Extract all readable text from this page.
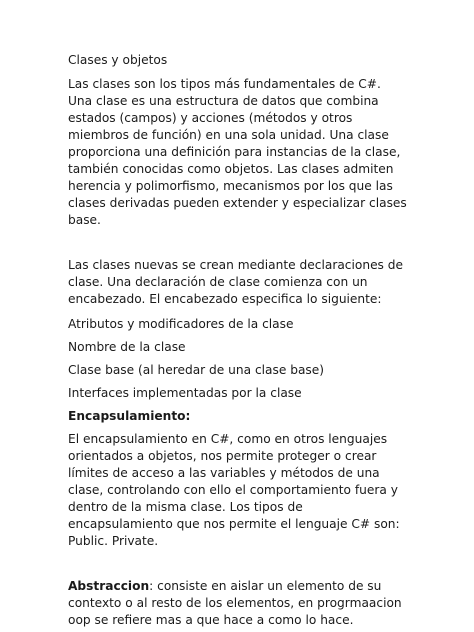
Clases y objetos

Las clases son los tipos más fundamentales de C#. Una clase es una estructura de datos que combina estados (campos) y acciones (métodos y otros miembros de función) en una sola unidad. Una clase proporciona una definición para instancias de la clase, también conocidas como objetos. Las clases admiten herencia y polimorfismo, mecanismos por los que las clases derivadas pueden extender y especializar clases base.

Las clases nuevas se crean mediante declaraciones de clase. Una declaración de clase comienza con un encabezado. El encabezado especifica lo siguiente:

Atributos y modificadores de la clase

Nombre de la clase

Clase base (al heredar de una clase base)

Interfaces implementadas por la clase

Encapsulamiento:

El encapsulamiento en C#, como en otros lenguajes orientados a objetos, nos permite proteger o crear límites de acceso a las variables y métodos de una clase, controlando con ello el comportamiento fuera y dentro de la misma clase. Los tipos de encapsulamiento que nos permite el lenguaje C# son: Public. Private.

Abstraccion: consiste en aislar un elemento de su contexto o al resto de los elementos, en progrmaacion oop se refiere mas a que hace a como lo hace.
